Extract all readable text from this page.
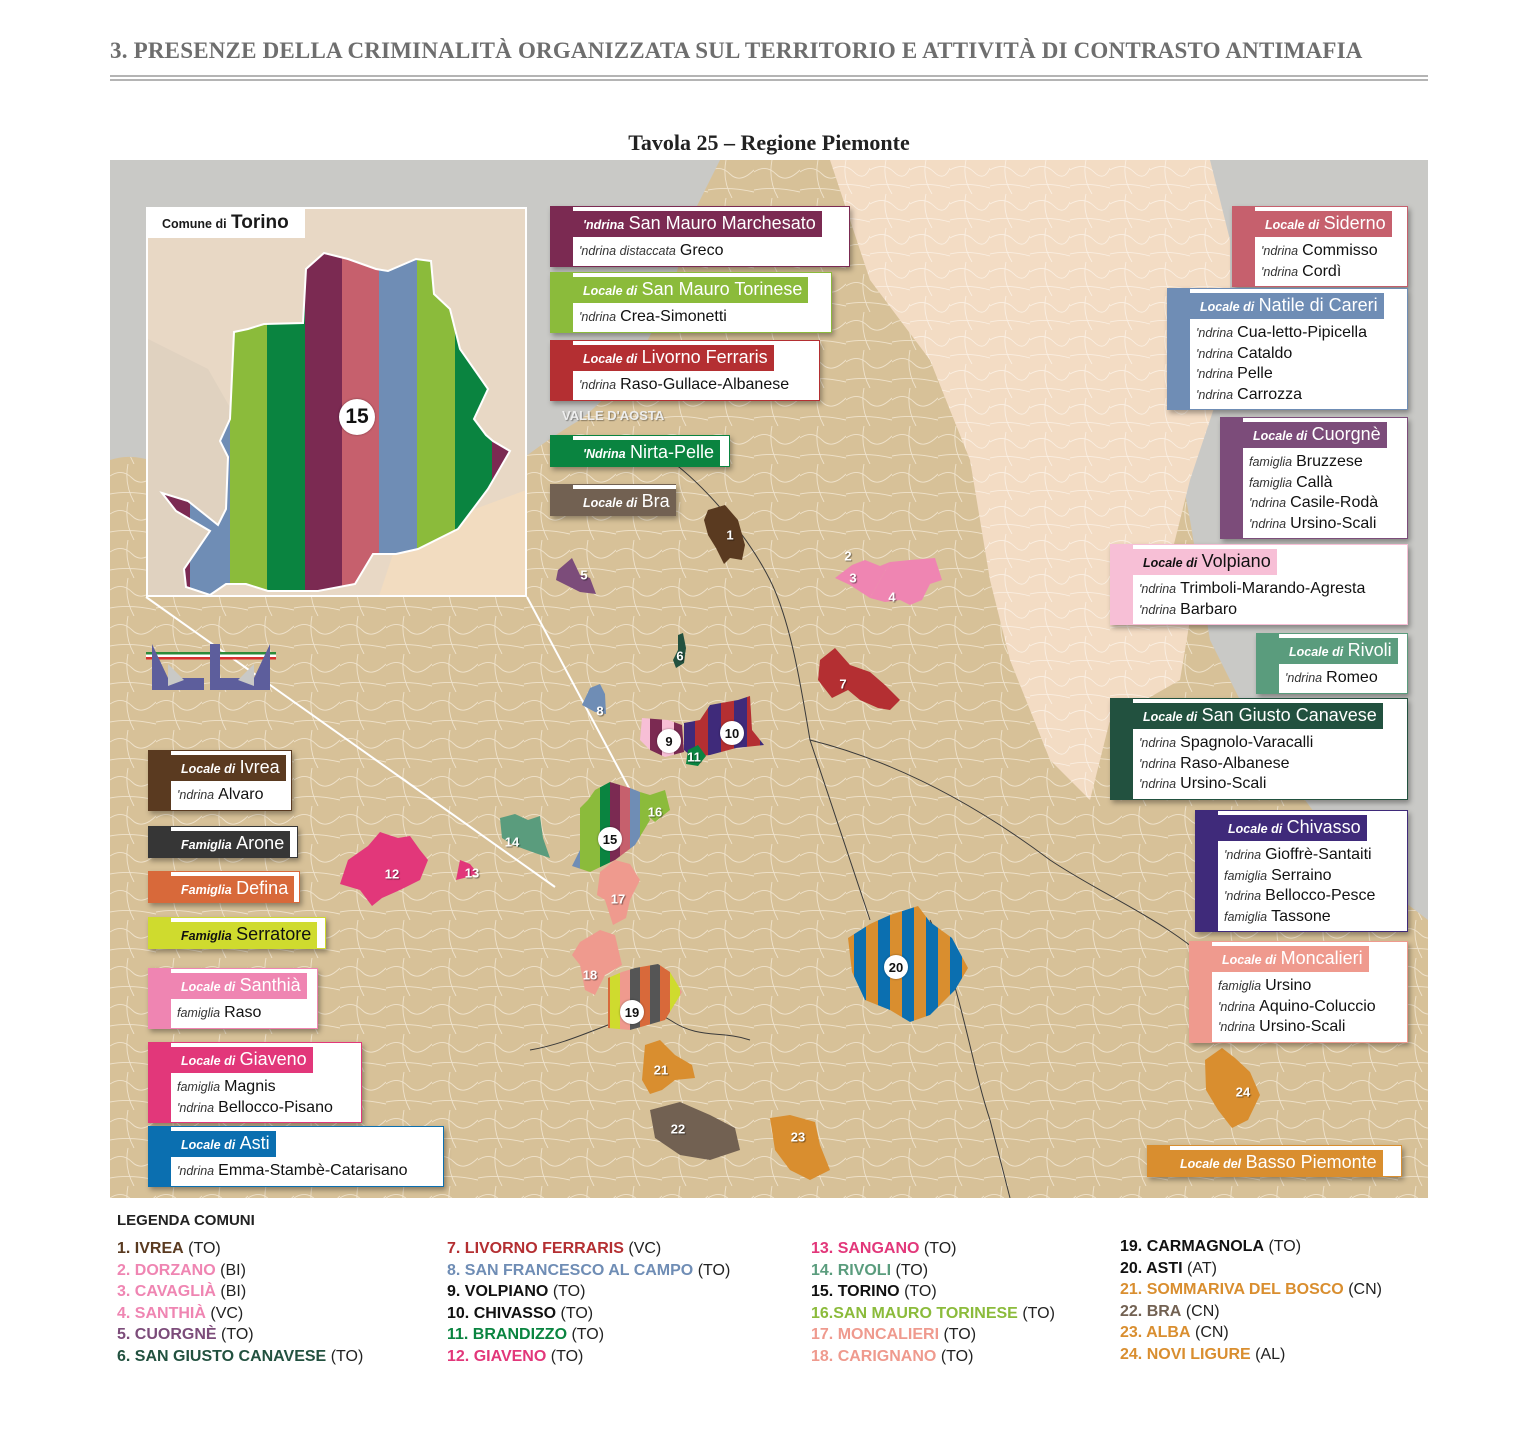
3. PRESENZE DELLA CRIMINALITÀ ORGANIZZATA SUL TERRITORIO E ATTIVITÀ DI CONTRASTO ANTIMAFIA
Tavola 25 – Regione Piemonte
VALLE D'AOSTA
1
2
3
4
5
6
7
8
9
10
11
12	13
14	15
16
17
18
19
20
21
22
23
24
Comune di Torino
15
'ndrina San Mauro Marchesato
'ndrina distaccata Greco
Locale di San Mauro Torinese
'ndrina Crea-Simonetti
Locale di Livorno Ferraris
'ndrina Raso-Gullace-Albanese
'Ndrina Nirta-Pelle
Locale di Bra
Locale di Ivrea
'ndrina Alvaro
Famiglia Arone
Famiglia Defina
Famiglia Serratore
Locale di Santhià
famiglia Raso
Locale di Giaveno
famiglia Magnis
'ndrina Bellocco-Pisano
Locale di Asti
'ndrina Emma-Stambè-Catarisano
Locale di Siderno
'ndrina Commisso
'ndrina Cordì
Locale di Natile di Careri
'ndrina Cua-letto-Pipicella
'ndrina Cataldo
'ndrina Pelle
'ndrina Carrozza
Locale di Cuorgnè
famiglia Bruzzese
famiglia Callà
'ndrina Casile-Rodà
'ndrina Ursino-Scali
Locale di Volpiano
'ndrina Trimboli-Marando-Agresta
'ndrina Barbaro
Locale di Rivoli
'ndrina Romeo
Locale di San Giusto Canavese
'ndrina Spagnolo-Varacalli
'ndrina Raso-Albanese
'ndrina Ursino-Scali
Locale di Chivasso
'ndrina Gioffrè-Santaiti
famiglia Serraino
'ndrina Bellocco-Pesce
famiglia Tassone
Locale di Moncalieri
famiglia Ursino
'ndrina Aquino-Coluccio
'ndrina Ursino-Scali
Locale del Basso Piemonte
LEGENDA COMUNI
1. IVREA (TO)
2. DORZANO (BI)
3. CAVAGLIÀ (BI)
4. SANTHIÀ (VC)
5. CUORGNÈ (TO)
6. SAN GIUSTO CANAVESE (TO)
7. LIVORNO FERRARIS (VC)
8. SAN FRANCESCO AL CAMPO (TO)
9. VOLPIANO (TO)
10. CHIVASSO (TO)
11. BRANDIZZO (TO)
12. GIAVENO (TO)
13. SANGANO (TO)
14. RIVOLI (TO)
15. TORINO (TO)
16.SAN MAURO TORINESE (TO)
17. MONCALIERI (TO)
18. CARIGNANO (TO)
19. CARMAGNOLA (TO)
20. ASTI (AT)
21. SOMMARIVA DEL BOSCO (CN)
22. BRA (CN)
23. ALBA (CN)
24. NOVI LIGURE (AL)
